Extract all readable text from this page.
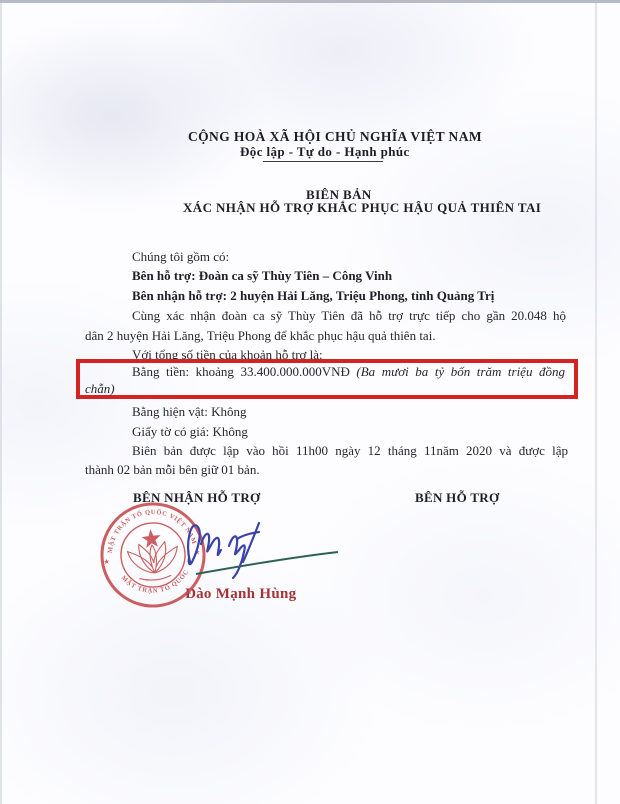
CỘNG HOÀ XÃ HỘI CHỦ NGHĨA VIỆT NAM
Độc lập - Tự do - Hạnh phúc
BIÊN BẢN
XÁC NHẬN HỖ TRỢ KHẮC PHỤC HẬU QUẢ THIÊN TAI
Chúng tôi gồm có:
Bên hỗ trợ: Đoàn ca sỹ Thùy Tiên – Công Vinh
Bên nhận hỗ trợ: 2 huyện Hải Lăng, Triệu Phong, tỉnh Quảng Trị
Cùng xác nhận đoàn ca sỹ Thùy Tiên đã hỗ trợ trực tiếp cho gần 20.048 hộ
dân 2 huyện Hải Lăng, Triệu Phong để khắc phục hậu quả thiên tai.
Với tổng số tiền của khoản hỗ trợ là:
Bằng tiền: khoảng 33.400.000.000VNĐ (Ba mươi ba tỷ bốn trăm triệu đồng
chẵn)
Bằng hiện vật: Không
Giấy tờ có giá: Không
Biên bản được lập vào hồi 11h00 ngày 12 tháng 11năm 2020 và được lập
thành 02 bản mỗi bên giữ 01 bản.
BÊN NHẬN HỖ TRỢ	BÊN HỖ TRỢ
MẶT TRẬN TỔ QUỐC VIỆT NAM
MẶT TRẬN TỔ QUỐC
★
★
Đào Mạnh Hùng
